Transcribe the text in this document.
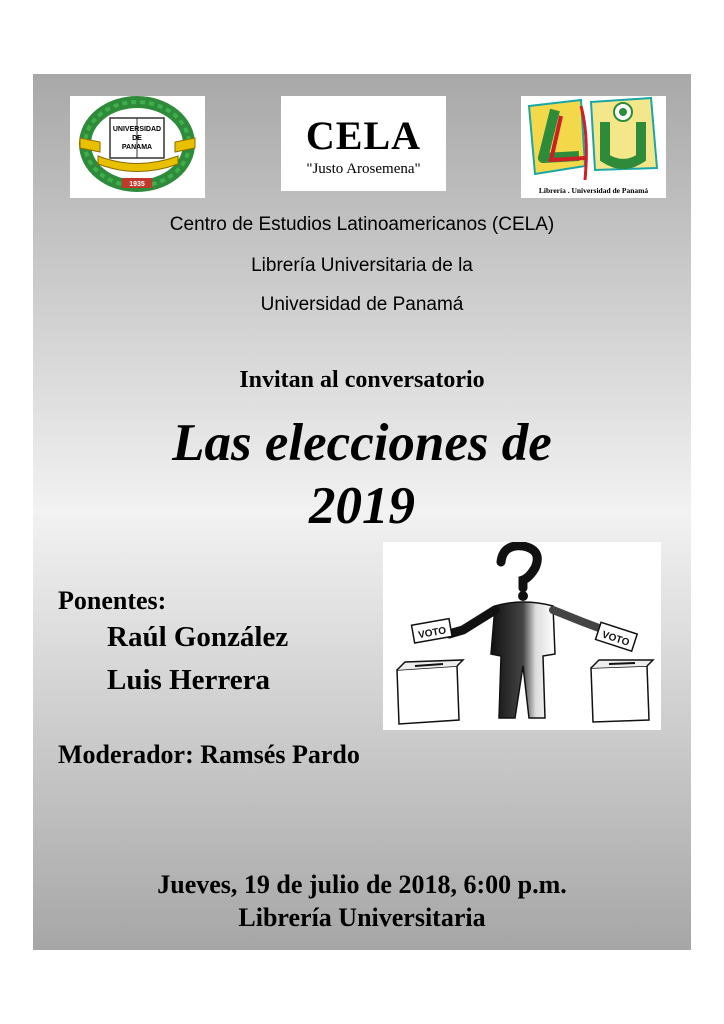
UNIVERSIDAD
DE
PANAMA
1935
CELA
"Justo Arosemena"
Librería . Universidad de Panamá
Centro de Estudios Latinoamericanos (CELA)
Librería Universitaria de la
Universidad de Panamá
Invitan al conversatorio
Las elecciones de
2019
VOTO	VOTO
Ponentes:
Raúl González
Luis Herrera
Moderador: Ramsés Pardo
Jueves, 19 de julio de 2018, 6:00 p.m.
Librería Universitaria
